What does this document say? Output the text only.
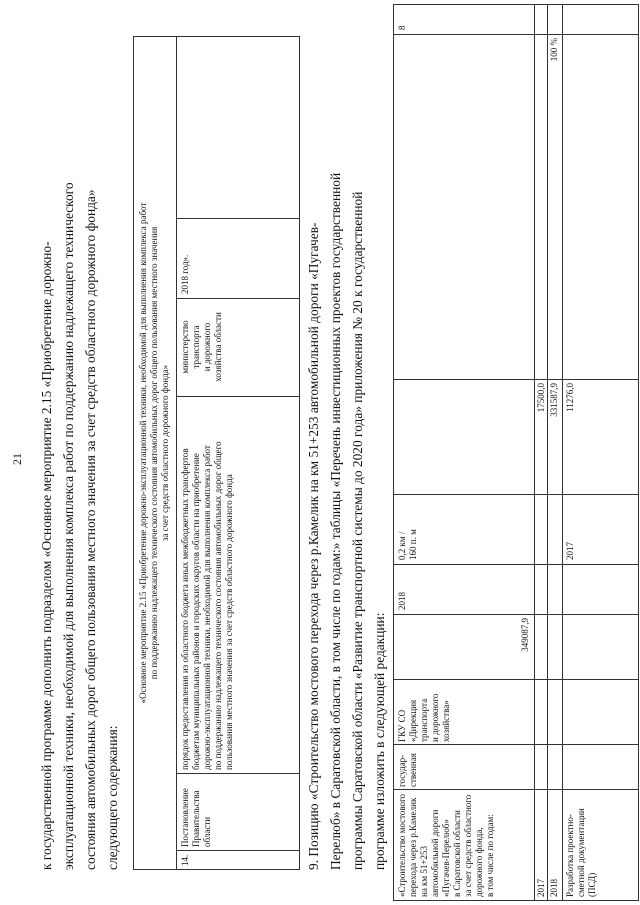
21 к государственной программе дополнить подразделом «Основное мероприятие 2.15 «Приобретение дорожно- эксплуатационной техники, необходимой для выполнения комплекса работ по поддержанию надлежащего технического состояния автомобильных дорог общего пользования местного значения за счет средств областного дорожного фонда» следующего содержания:
«Основное мероприятие 2.15 «Приобретение дорожно-эксплуатационной техники, необходимой для выполнения комплекса работ по поддержанию надлежащего технического состояния автомобильных дорог общего пользования местного значения за счет средств областного дорожного фонда»
14.
Постановление Правительства области
порядок предоставления из областного бюджета иных межбюджетных трансфертов бюджетам муниципальных районов и городских округов области на приобретение дорожно-эксплуатационной техники, необходимой для выполнения комплекса работ по поддержанию надлежащего технического состояния автомобильных дорог общего пользования местного значения за счет средств областного дорожного фонда
министерство транспорта и дорожного хозяйства области
2018 год».	9. Позицию «Строительство мостового перехода через р.Камелик на км 51+253 автомобильной дороги «Пугачев- Перелюб» в Саратовской области, в том числе по годам:» таблицы «Перечень инвестиционных проектов государственной программы Саратовской области «Развитие транспортной системы до 2020 года» приложения № 20 к государственной программе изложить в следующей редакции:	«Строительство мостового перехода через р.Камелик на км 51+253 автомобильной дороги «Пугачев-Перелюб» в Саратовской области за счет средств областного дорожного фонда, в том числе по годам:
государ- ственная
ГКУ СО «Дирекция транспорта и дорожного хозяйства»
349087,9
2018
0,2 км / 160 п. м
2017
17500,0
2018
331587,9
100 %
Разработка проектно- сметной документации (ПСД)
2017
11276,0
8
